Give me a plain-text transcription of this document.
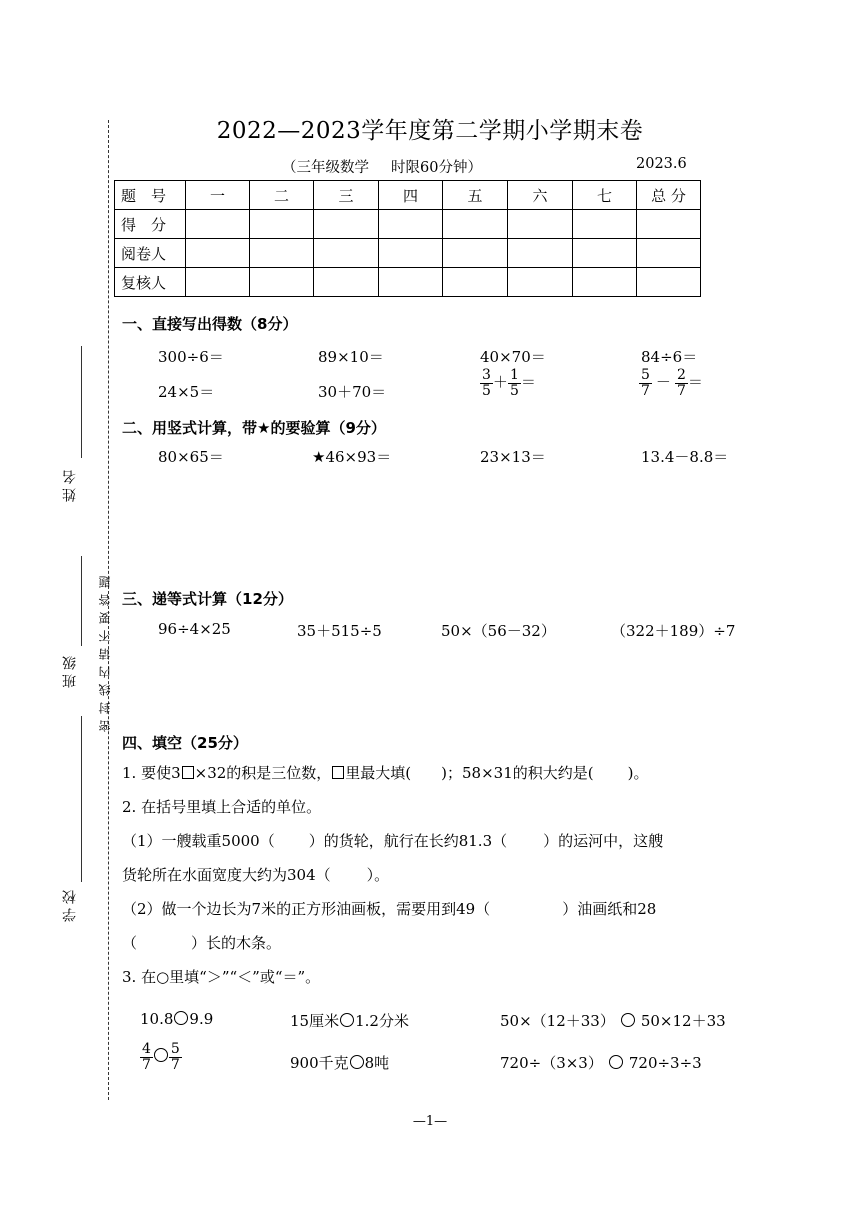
姓名
班级
学校
密封线内请不要答题
2022—2023学年度第二学期小学期末卷
（三年级数学 时限60分钟）	2023.6
题　号	一	二	三	四	五	六	七	总 分
得　分								
阅卷人								
复核人								
一、直接写出得数（8分）
300÷6＝	89×10＝	40×70＝	84÷6＝
24×5＝	30＋70＝	$\frac{3}{5} + \frac{1}{5}$ ＝	$\frac{5}{7} - \frac{2}{7}$ ＝
二、用竖式计算，带★的要验算（9分）
80×65＝	★46×93＝	23×13＝	13.4－8.8＝
三、递等式计算（12分）
96÷4×25	35＋515÷5	50×（56－32）	（322＋189）÷7
四、填空（25分）
1. 要使3 ×32的积是三位数， 里最大填( )；58×31的积大约是( )。
2. 在括号里填上合适的单位。
（1）一艘载重5000（ ）的货轮，航行在长约81.3（ ）的运河中，这艘
货轮所在水面宽度大约为304（ ）。
（2）做一个边长为7米的正方形油画板，需要用到49（	）油画纸和28
（	）长的木条。
3. 在○里填“＞”“＜”或“＝”。
10.8 9.9	15厘米 1.2分米	50×（12＋33） 50×12＋33
$\frac{4}{7} \frac{5}{7}$	900千克 8吨	720÷（3×3） 720÷3÷3
—1—
